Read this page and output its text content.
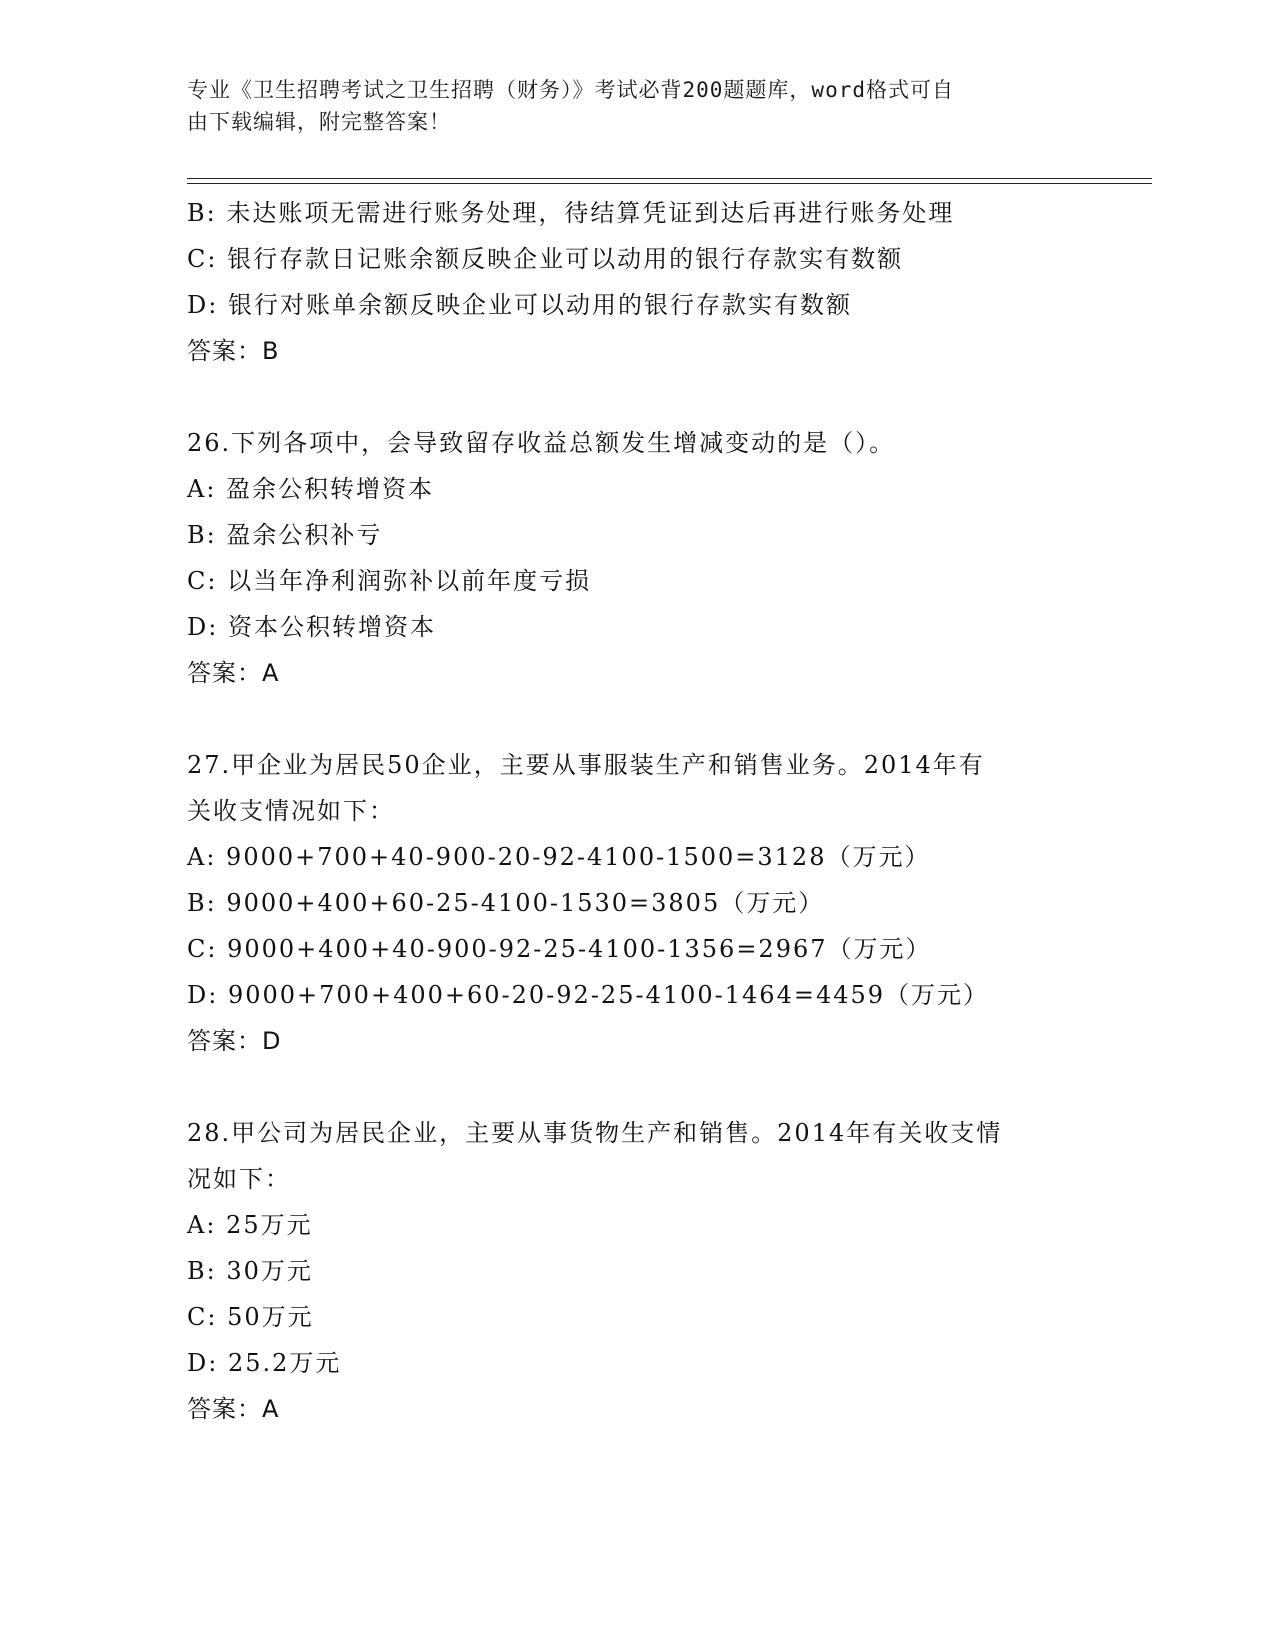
专业《卫生招聘考试之卫生招聘（财务）》考试必背200题题库，word格式可自
由下载编辑，附完整答案！
B: 未达账项无需进行账务处理，待结算凭证到达后再进行账务处理
C: 银行存款日记账余额反映企业可以动用的银行存款实有数额
D: 银行对账单余额反映企业可以动用的银行存款实有数额
答案：B
26.下列各项中，会导致留存收益总额发生增减变动的是（）。
A: 盈余公积转增资本
B: 盈余公积补亏
C: 以当年净利润弥补以前年度亏损
D: 资本公积转增资本
答案：A
27.甲企业为居民50企业，主要从事服装生产和销售业务。2014年有
关收支情况如下：
A: 9000+700+40-900-20-92-4100-1500=3128（万元）
B: 9000+400+60-25-4100-1530=3805（万元）
C: 9000+400+40-900-92-25-4100-1356=2967（万元）
D: 9000+700+400+60-20-92-25-4100-1464=4459（万元）
答案：D
28.甲公司为居民企业，主要从事货物生产和销售。2014年有关收支情
况如下：
A: 25万元
B: 30万元
C: 50万元
D: 25.2万元
答案：A
